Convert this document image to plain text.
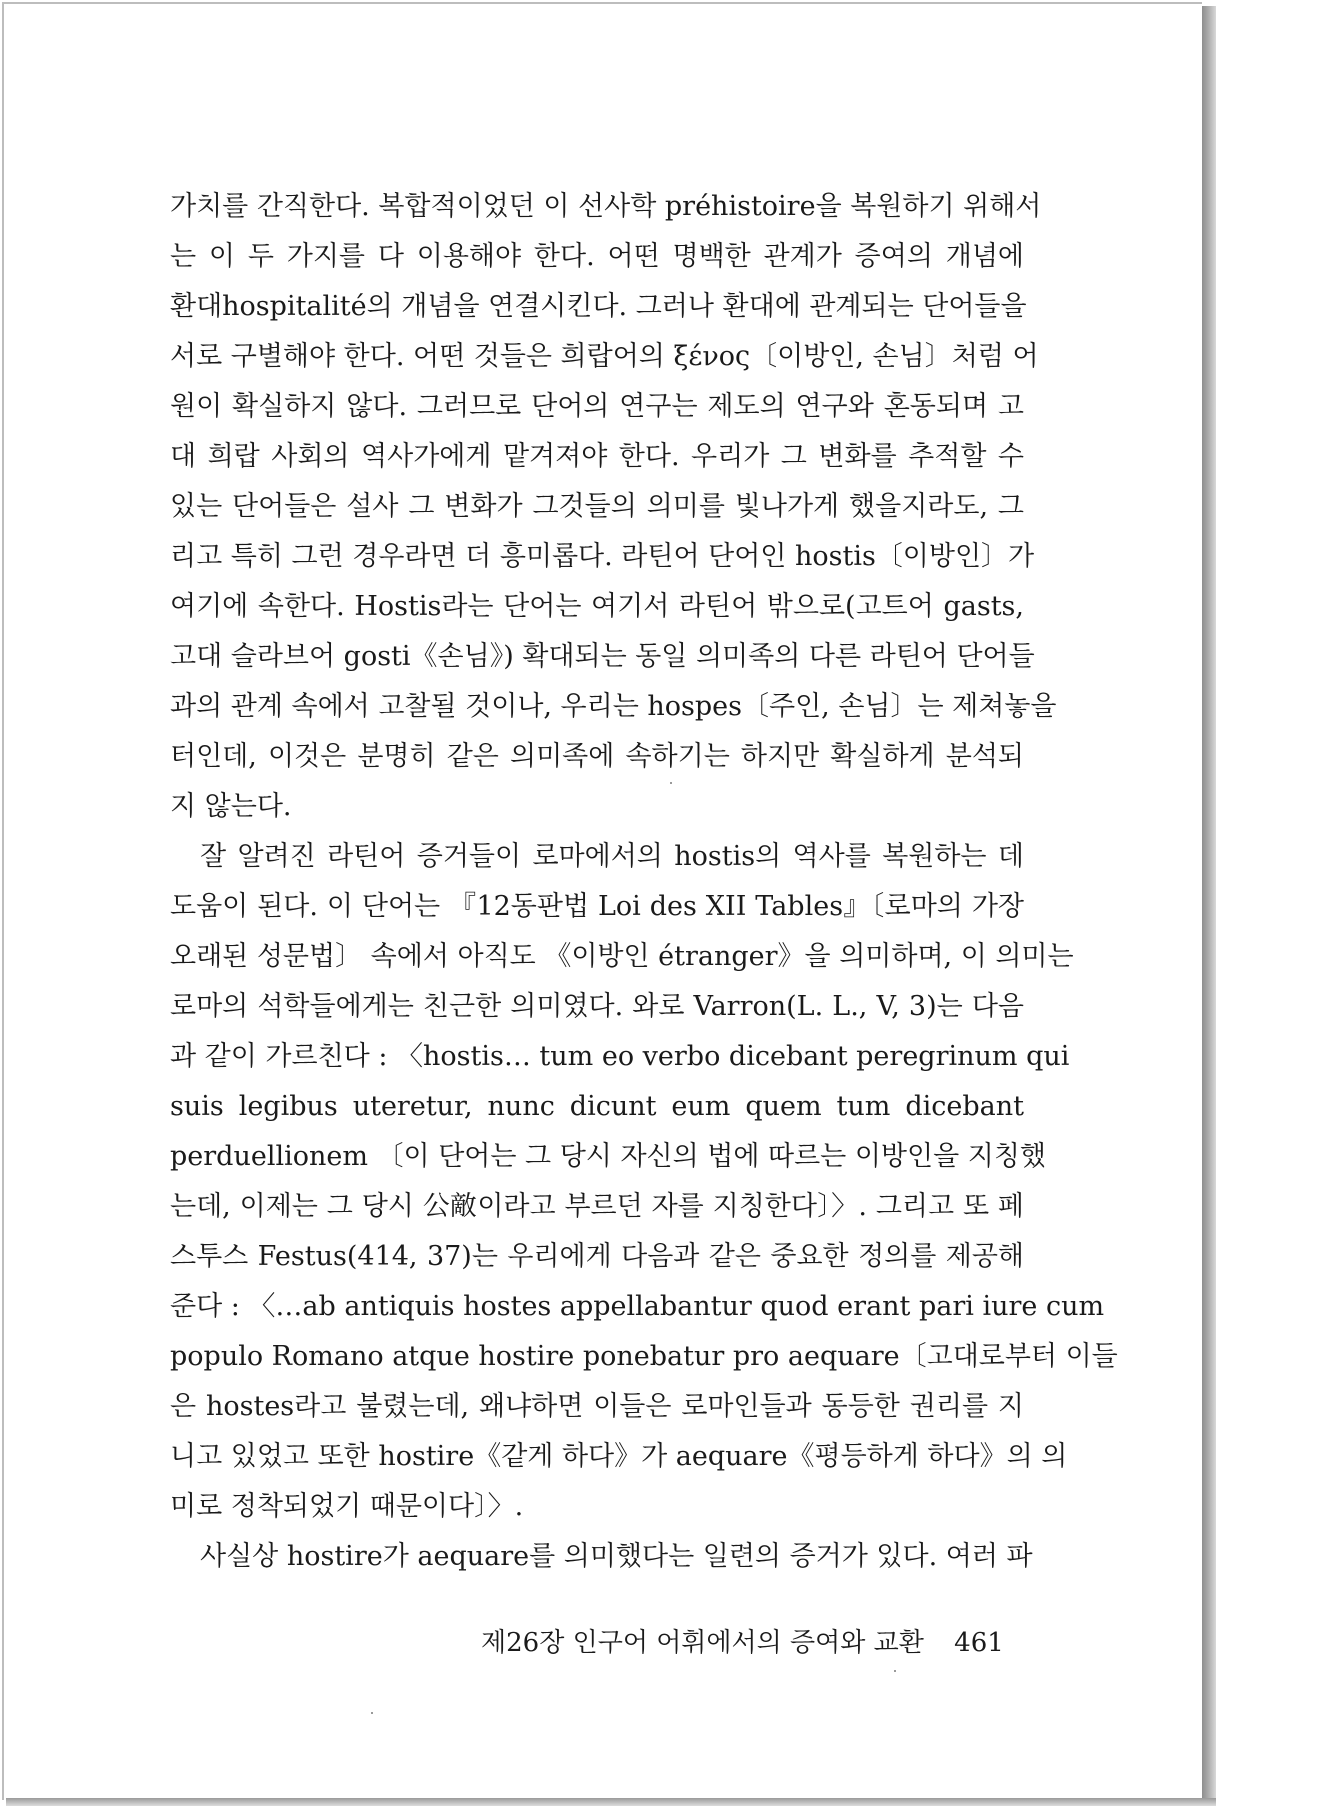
가치를 간직한다. 복합적이었던 이 선사학 préhistoire을 복원하기 위해서
는 이 두 가지를 다 이용해야 한다. 어떤 명백한 관계가 증여의 개념에
환대hospitalité의 개념을 연결시킨다. 그러나 환대에 관계되는 단어들을
서로 구별해야 한다. 어떤 것들은 희랍어의 ξένος〔이방인, 손님〕처럼 어
원이 확실하지 않다. 그러므로 단어의 연구는 제도의 연구와 혼동되며 고
대 희랍 사회의 역사가에게 맡겨져야 한다. 우리가 그 변화를 추적할 수
있는 단어들은 설사 그 변화가 그것들의 의미를 빛나가게 했을지라도, 그
리고 특히 그런 경우라면 더 흥미롭다. 라틴어 단어인 hostis〔이방인〕가
여기에 속한다. Hostis라는 단어는 여기서 라틴어 밖으로(고트어 gasts,
고대 슬라브어 gosti《손님》) 확대되는 동일 의미족의 다른 라틴어 단어들
과의 관계 속에서 고찰될 것이나, 우리는 hospes〔주인, 손님〕는 제쳐놓을
터인데, 이것은 분명히 같은 의미족에 속하기는 하지만 확실하게 분석되
지 않는다.
잘 알려진 라틴어 증거들이 로마에서의 hostis의 역사를 복원하는 데
도움이 된다. 이 단어는 『12동판법 Loi des XII Tables』〔로마의 가장
오래된 성문법〕 속에서 아직도 《이방인 étranger》을 의미하며, 이 의미는
로마의 석학들에게는 친근한 의미였다. 와로 Varron(L. L., V, 3)는 다음
과 같이 가르친다 : 〈hostis… tum eo verbo dicebant peregrinum qui
suis legibus uteretur, nunc dicunt eum quem tum dicebant
perduellionem 〔이 단어는 그 당시 자신의 법에 따르는 이방인을 지칭했
는데, 이제는 그 당시 公敵이라고 부르던 자를 지칭한다〕〉. 그리고 또 페
스투스 Festus(414, 37)는 우리에게 다음과 같은 중요한 정의를 제공해
준다 : 〈…ab antiquis hostes appellabantur quod erant pari iure cum
populo Romano atque hostire ponebatur pro aequare〔고대로부터 이들
은 hostes라고 불렸는데, 왜냐하면 이들은 로마인들과 동등한 권리를 지
니고 있었고 또한 hostire《같게 하다》가 aequare《평등하게 하다》의 의
미로 정착되었기 때문이다〕〉.
사실상 hostire가 aequare를 의미했다는 일련의 증거가 있다. 여러 파
제26장 인구어 어휘에서의 증여와 교환 461
